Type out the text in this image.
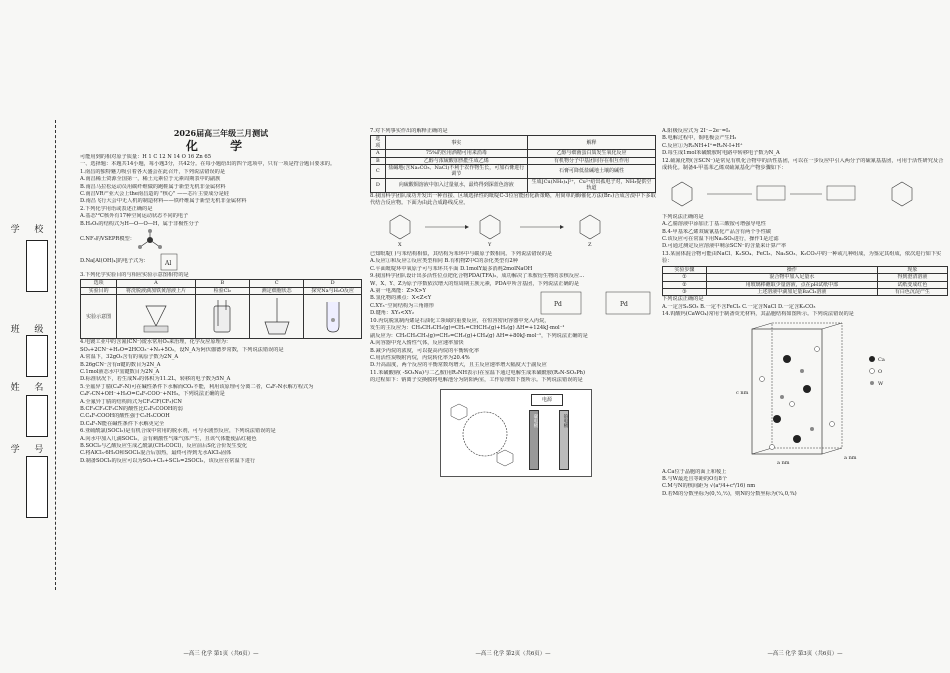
学 校
班 级
姓 名
学 号
2026届高三年级三月测试
化 学

可能用到的相对原子质量：H 1 C 12 N 14 O 16 Zn 65

一、选择题：本题共14小题，每小题3分，共42分。在每小题给出的四个选项中，只有一项是符合题目要求的。

1.南昌的独特魅力吸引着各大盛会在此召开，下列说法错误的是

A.南昌稀土资源全国第一，稀土元素位于元素周期表中的副族

B.南昌马拉松运动员用碳纤维做的跑鞋属于新型无机非金属材料

C.南昌VR产业大会上the南昌造的 "核心" ——芯片主要成分是硅

D.南昌飞行大会中无人机的制造材料——铁纤维属于新型无机非金属材料

2.下列化学用语或表述正确的是

A.基态¹²C核外有17种空间运动状态不同的电子

B.H₂O₂的结构式为H—O—O—H，属于非极性分子

C.NF₃的VSEPR模型：

D.Na[Al(OH)₄]的电子式为：	Al

3.下列化学实验目的与相应实验示意图相符的是

选项	A	B	C	D
实验目的	将洗脱液滴加铁黄溶液上片	检验Cl₂	测定细胞状态	探究Na与H₂O反应
实验示意图				

4.电镀工业中的含氰(CN⁻)废水常用O₃来治理，化学反应原理为：

SO₃+2CN⁻+H₂O=2HCO₃⁻+N₂+5O₂，设N_A为阿伏伽德罗常数，下列说法错误的是

A.常温下，32gO₃含有的氧原子数为2N_A

B.26gCN⁻含有π键的数目为2N_A

C.1mol液态水中氢键数目为2N_A

D.标准状况下，若生成N₂的体积为11.2L，转移的电子数为5N_A

5.全氟异丁腈(C₄F₇N)可在碱性条件下水解而CO₂不能，利用该原理可分离二者，C₄F₇N水解方程式为C₄F₇CN+OH⁻+H₂O=C₄F₇COO⁻+NH₃。下列说法正确的是

A.全氟异丁腈的结构简式为CF₃CF(CF₃)CN

B.CF₃CF₂CF₂CN的酸性比C₂F₅COOH的弱

C.C₄F₇COOH的酸性强于C₂H₅COOH

D.C₄F₇N能在碱性条件下水解更完全

6.亚硫酰氯(SOCl₂)是有机合成中常用的脱水剂，可与水剧烈反应，下列说法错误的是

A.向水中加入几滴SOCl₂，会有刺激性气味气体产生，且该气体能使品红褪色

B.SOCl₂与乙酸反应生成乙酰氯(CH₃COCl)，反应前后S化合价发生变化

C.将AlCl₃·6H₂O和SOCl₂混合后加热，最终可得到无水AlCl₃固体

D.制备SOCl₂的反应可以为SO₂+Cl₂+SCl₂=2SOCl₂，该反应在常温下进行

—高三 化学 第1页（共6页）—

7.对下列事实作出的解释正确的是

选项	事实	解释
A	75%的医用酒精可用来消毒	乙醇与细菌蛋白质发生氧化反应
B	乙醇与浓硫酸加热能生成乙烯	有机物分子中基团间存在相互作用
C	盐碱地(含Na₂CO₃、NaCl)不利于农作物生长，可加石膏进行调节	石膏可降低盐碱地土壤的碱性
D	向硫酸铜溶液中加入过量氨水，最终得到深蓝色溶液	生成[Cu(NH₃)₄]²⁺，Cu²⁺给出孤电子对，NH₃提供空轨道

8.我国科学团队成功开发出一种直接、区域选择性的吡啶C-3位官能团化新策略，用简单的酶催化方法(Br₂)合成含溴中下多取代结合反应物。下面为由此合成路线反应。

X	Y	Z

已知吡啶( )与苯结构相似，其结构为苯环中与碳原子数相同。下列说法错误的是

A.反应①和反应②反应类型相同 B.有机物Z中C的杂化类型有2种

C.平面吡啶环中氧原子可与苯环共平面 D.1molY最多消耗2molNaOH

9.我国科学团队设计出多活性位点钯化合物PDA(TFA)₂，成功解决了苯胺衍生物的亲核反应...

W、X、Y、Z为原子序数依次增大的短周期主族元素，PDA中所含基团，下列说法正确的是

A.第一电离能：Z>X>Y

B.氢化物的沸点：X<Z<Y

C.XY₃⁻空间结构为三角锥形

D.键角：XY₃<XY₂

Pd	Pd

10.丙烷脱氢制丙烯是石油化工领域的重要反应，在恒容密闭容器中充入丙烷，

发生的主反应为：CH₃CH₂CH₃(g)⇌CH₂=CHCH₃(g)+H₂(g) ΔH=+124kJ·mol⁻¹

副反应为：CH₃CH₂CH₃(g)⇌CH₂=CH₂(g)+CH₄(g) ΔH=+80kJ·mol⁻¹，下列说法正确的是

A.向容器中充入惰性气体，反应速率加快

B.减少丙烷的浓度，可以提高丙烷的平衡转化率

C.用活性炭吸附丙烷，丙烷转化率为20.4%

D.升高温度，两个反应的平衡常数均增大，且主反应速率增大幅度大于副反应

11.苯磺酸钠( -SO₃Na)与二乙胺(用R₂NH表示)在室温下通过电解生成苯磺酰胺(R₂N-SO₂Ph)

的过程如下：钠离子交换膜将电解池分为阴阳两室，工作原理如下图所示。下列说法错误的是

电源
碳电极	铂电极
—高三 化学 第2页（共6页）—

A.阳极反应式为 2I⁻−2e⁻=I₂

B.电解过程中，铜电极会产生H₂

C.反应①为R₂NH+I⁺=R₂N-I+H⁺

D.每生成1mol苯磺酰胺时电路中转移电子数为N_A

12.硫氰化物(含SCN⁻)是常见有机化合物中的活性基团，可以在一步反应中引入两分子的硫氰基基团，可用于活性研究及合成转化。制备4-甲基苯乙烯双硫氰基化产物步骤如下：

下列说法正确的是

A.乙腈溶液中添加正丁基三酸铵可增强导电性

B.4-甲基苯乙烯双硫氰基化产品含有两个手性碳

C.该反应可在常温下用Na₂SO₃进行，操作1是过滤

D.可通过测定反应溶液中剩余SCN⁻的含量来计算产率

13.某固体混合物可能由NaCl、K₂SO₄、FeCl₃、Na₂SO₃、K₂CO₃中的一种或几种组成，为鉴定其组成，依次进行如下实验：

实验步骤	操作	现象
①	混合物中加入足量水	得到澄清溶液
②	用玻璃棒蘸取少量溶液，点在pH试纸中部	试纸变成红色
③	上述溶液中滴加足量BaCl₂溶液	有白色沉淀产生

下列说法正确的是

A.一定含S₂SO₃ B.一定不含FeCl₃ C.一定含NaCl D.一定含K₂CO₃

14.钨酸钙(CaWO₄)常用于制备荧光材料，其晶胞结构如图所示。下列说法错误的是

c nm
a nm
a nm
Ca
O
W

A.Ca位于晶胞的面上和棱上

B.与W最近且等距的O有8个

C.M与N的核间距为 √(a²/4+c²/16) nm

D.若M的分数坐标为(0,½,½)，则N的分数坐标为(¼,0,¾)

—高三 化学 第3页（共6页）—
